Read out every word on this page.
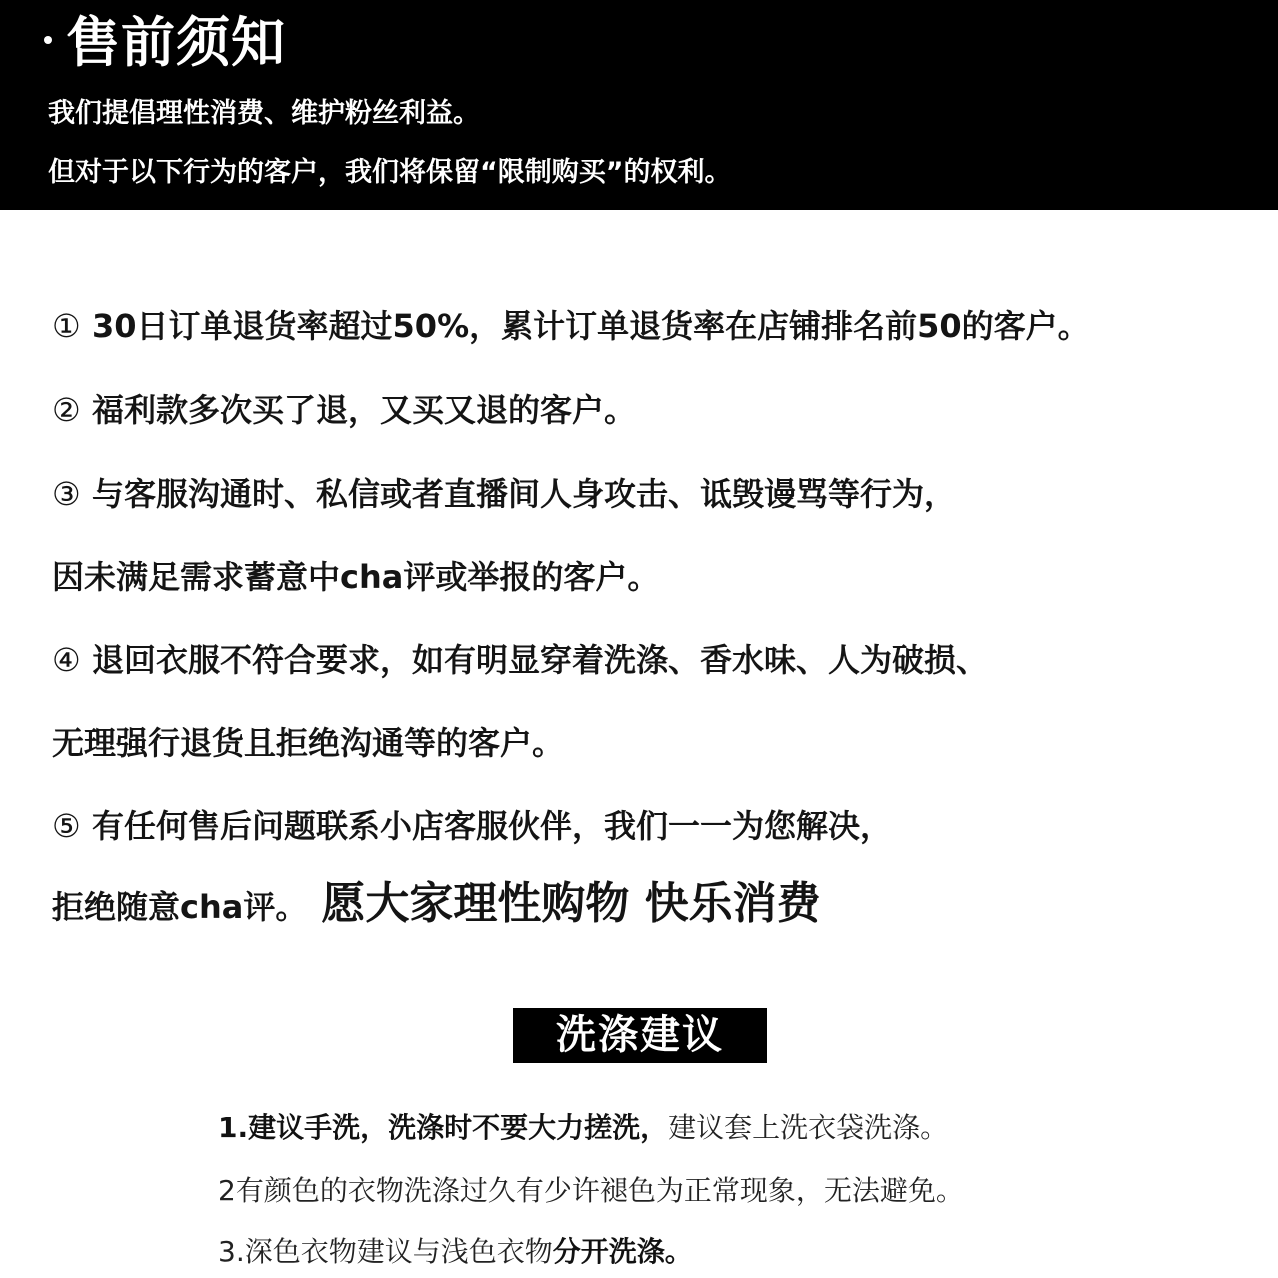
售前须知
我们提倡理性消费、维护粉丝利益。
但对于以下行为的客户，我们将保留“限制购买”的权利。
① 30日订单退货率超过50%，累计订单退货率在店铺排名前50的客户。
② 福利款多次买了退，又买又退的客户。
③ 与客服沟通时、私信或者直播间人身攻击、诋毁谩骂等行为，
因未满足需求蓄意中cha评或举报的客户。
④ 退回衣服不符合要求，如有明显穿着洗涤、香水味、人为破损、
无理强行退货且拒绝沟通等的客户。
⑤ 有任何售后问题联系小店客服伙伴，我们一一为您解决，
拒绝随意cha评。 愿大家理性购物 快乐消费
洗涤建议
1.建议手洗，洗涤时不要大力搓洗，建议套上洗衣袋洗涤。
2有颜色的衣物洗涤过久有少许褪色为正常现象，无法避免。
3.深色衣物建议与浅色衣物分开洗涤。
